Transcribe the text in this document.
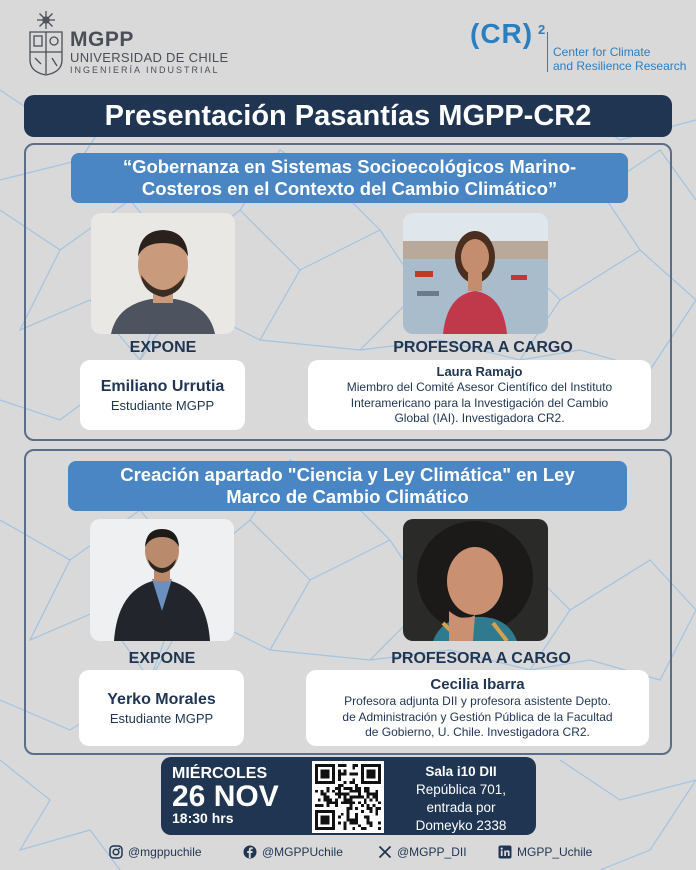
MGPP
UNIVERSIDAD DE CHILE
INGENIERÍA INDUSTRIAL
(CR) 2
Center for Climate
and Resilience Research
Presentación Pasantías MGPP-CR2
“Gobernanza en Sistemas Socioecológicos Marino-
Costeros en el Contexto del Cambio Climático”
EXPONE
Emiliano Urrutia
Estudiante MGPP
PROFESORA A CARGO
Laura Ramajo
Miembro del Comité Asesor Científico del Instituto
Interamericano para la Investigación del Cambio
Global (IAI). Investigadora CR2.
Creación apartado "Ciencia y Ley Climática" en Ley
Marco de Cambio Climático
EXPONE
Yerko Morales
Estudiante MGPP
PROFESORA A CARGO
Cecilia Ibarra
Profesora adjunta DII y profesora asistente Depto.
de Administración y Gestión Pública de la Facultad
de Gobierno, U. Chile. Investigadora CR2.
MIÉRCOLES
26 NOV
18:30 hrs
Sala i10 DII
República 701,
entrada por
Domeyko 2338
@mgppuchile	@MGPPUchile	@MGPP_DII	MGPP_Uchile
